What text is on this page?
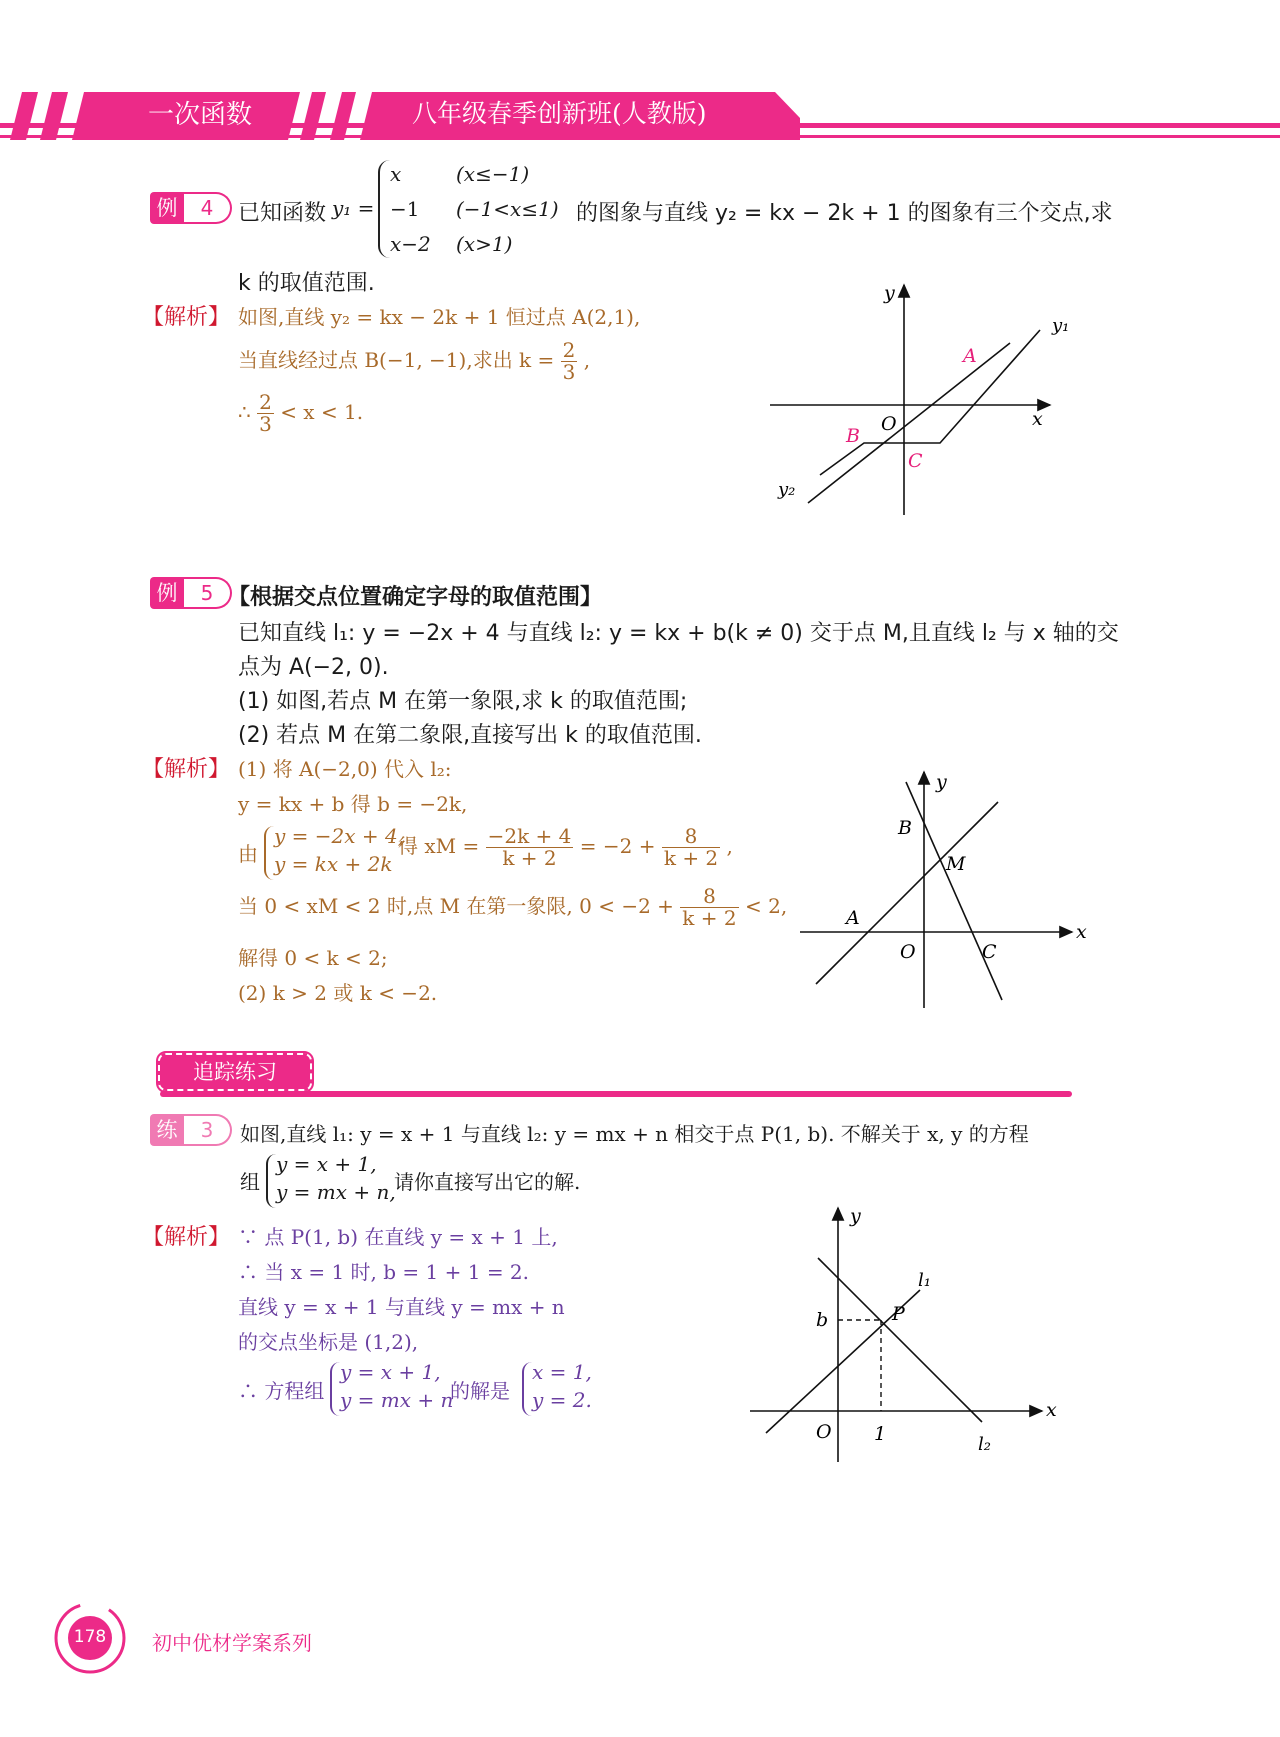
一次函数	八年级春季创新班(人教版)
例	4	已知函数 y₁ =
x	(x≤−1)
−1 (−1<x≤1)
x−2 (x>1)
的图象与直线 y₂ = kx − 2k + 1 的图象有三个交点,求
k 的取值范围.
【解析】 如图,直线 y₂ = kx − 2k + 1 恒过点 A(2,1),
当直线经过点 B(−1, −1),求出 $k = \frac{2}{3}$ ,
∴ $\frac{2}{3} < x < 1$.
y
x
O
A
B
C
y₁
y₂
例	5 【根据交点位置确定字母的取值范围】
已知直线 l₁: y = −2x + 4 与直线 l₂: y = kx + b(k ≠ 0) 交于点 M,且直线 l₂ 与 x 轴的交
点为 A(−2, 0).
(1) 如图,若点 M 在第一象限,求 k 的取值范围;
(2) 若点 M 在第二象限,直接写出 k 的取值范围.
【解析】 (1) 将 A(−2,0) 代入 l₂:
y = kx + b 得 b = −2k,
由
y = −2x + 4,
y = kx + 2k
得 xM = $\frac{-2k + 4}{k + 2} = -2 + \frac{8}{k + 2}$ ,
当 0 < xM < 2 时,点 M 在第一象限, $0 < -2 + \frac{8}{k + 2} < 2$,
解得 0 < k < 2;
(2) k > 2 或 k < −2.
y
x
O
A
B
C
M
追踪练习
练	3	如图,直线 l₁: y = x + 1 与直线 l₂: y = mx + n 相交于点 P(1, b). 不解关于 x, y 的方程
组
y = x + 1,
y = mx + n,
请你直接写出它的解.
【解析】 ∵ 点 P(1, b) 在直线 y = x + 1 上,
∴ 当 x = 1 时, b = 1 + 1 = 2.
直线 y = x + 1 与直线 y = mx + n
的交点坐标是 (1,2),
∴ 方程组
y = x + 1,
y = mx + n
的解是
x = 1,
y = 2.
y
x
O
b
1
P
l₁
l₂
178 初中优材学案系列
